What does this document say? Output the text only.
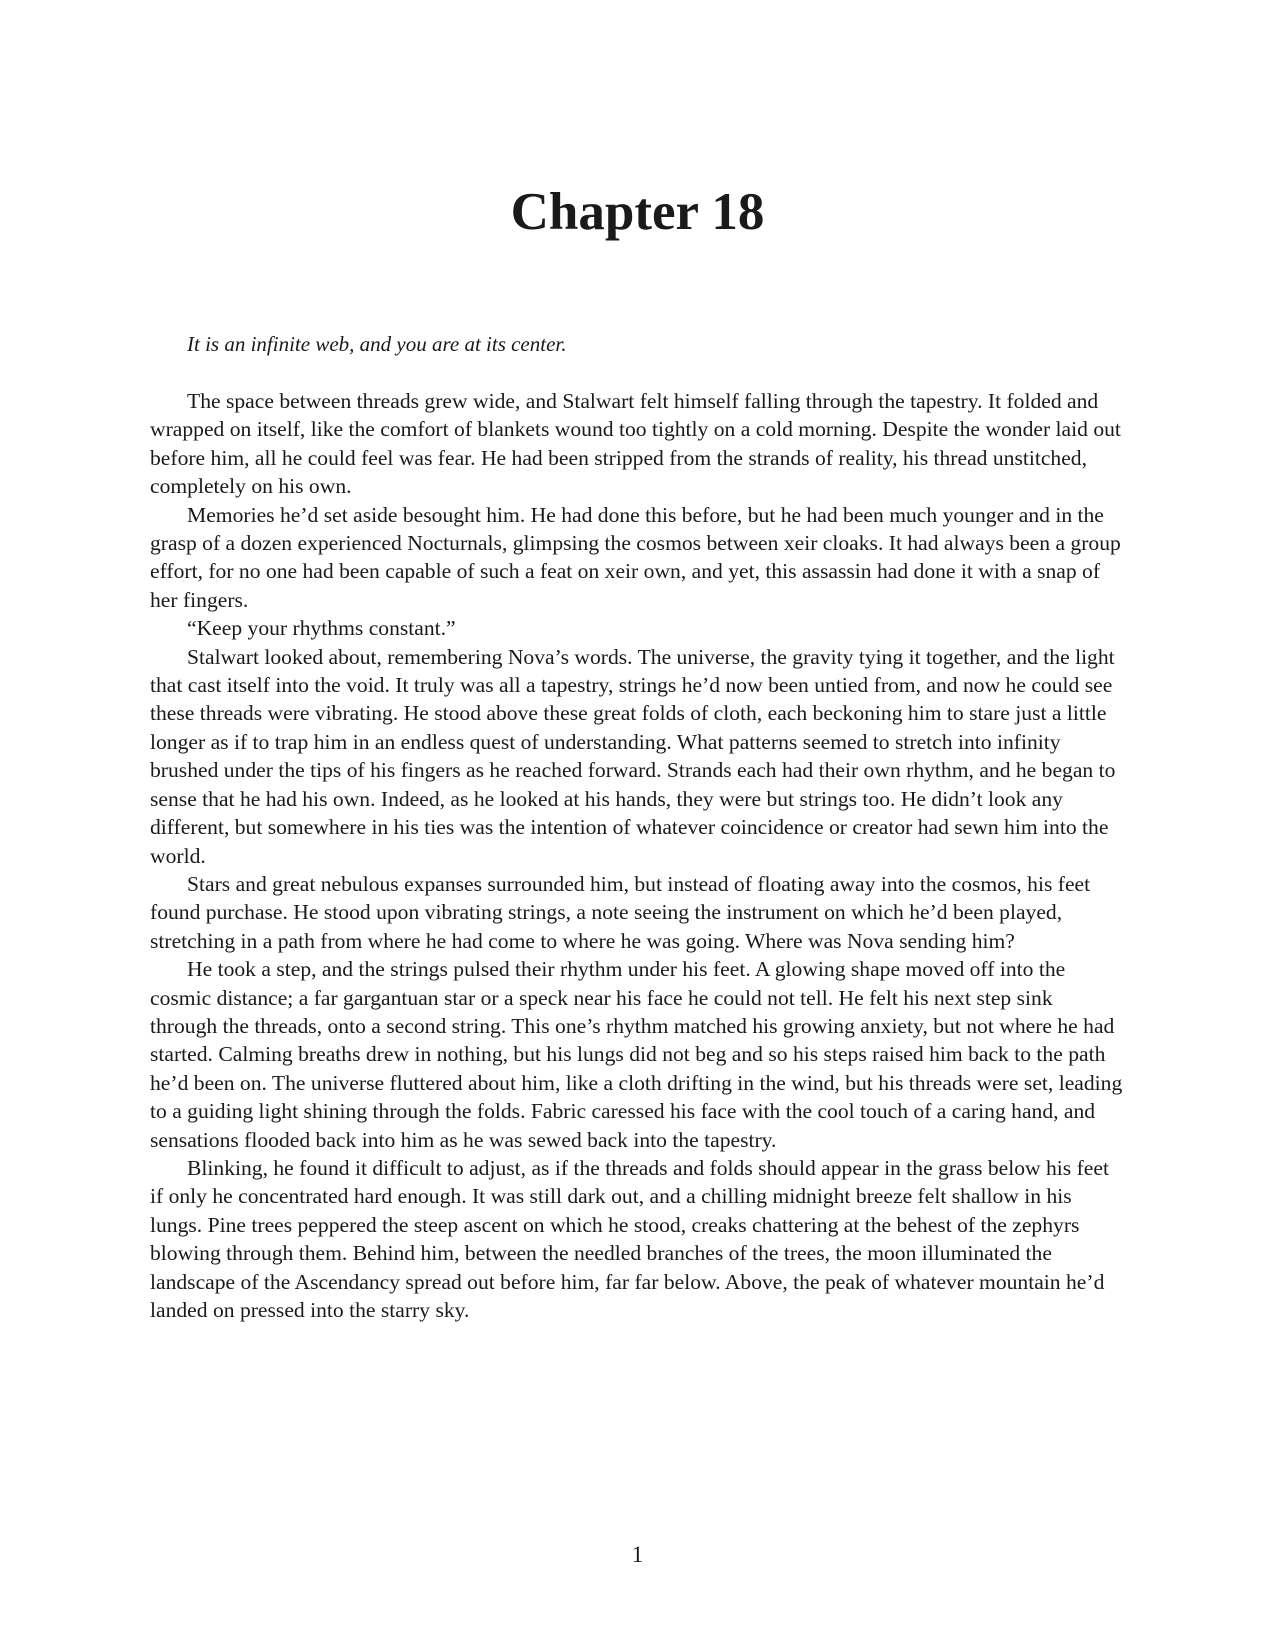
Chapter 18

It is an infinite web, and you are at its center.

The space between threads grew wide, and Stalwart felt himself falling through the tapestry. It folded and wrapped on itself, like the comfort of blankets wound too tightly on a cold morning. Despite the wonder laid out before him, all he could feel was fear. He had been stripped from the strands of reality, his thread unstitched, completely on his own.

Memories he’d set aside besought him. He had done this before, but he had been much younger and in the grasp of a dozen experienced Nocturnals, glimpsing the cosmos between xeir cloaks. It had always been a group effort, for no one had been capable of such a feat on xeir own, and yet, this assassin had done it with a snap of her fingers.

“Keep your rhythms constant.”

Stalwart looked about, remembering Nova’s words. The universe, the gravity tying it together, and the light that cast itself into the void. It truly was all a tapestry, strings he’d now been untied from, and now he could see these threads were vibrating. He stood above these great folds of cloth, each beckoning him to stare just a little longer as if to trap him in an endless quest of understanding. What patterns seemed to stretch into infinity brushed under the tips of his fingers as he reached forward. Strands each had their own rhythm, and he began to sense that he had his own. Indeed, as he looked at his hands, they were but strings too. He didn’t look any different, but somewhere in his ties was the intention of whatever coincidence or creator had sewn him into the world.

Stars and great nebulous expanses surrounded him, but instead of floating away into the cosmos, his feet found purchase. He stood upon vibrating strings, a note seeing the instrument on which he’d been played, stretching in a path from where he had come to where he was going. Where was Nova sending him?

He took a step, and the strings pulsed their rhythm under his feet. A glowing shape moved off into the cosmic distance; a far gargantuan star or a speck near his face he could not tell. He felt his next step sink through the threads, onto a second string. This one’s rhythm matched his growing anxiety, but not where he had started. Calming breaths drew in nothing, but his lungs did not beg and so his steps raised him back to the path he’d been on. The universe fluttered about him, like a cloth drifting in the wind, but his threads were set, leading to a guiding light shining through the folds. Fabric caressed his face with the cool touch of a caring hand, and sensations flooded back into him as he was sewed back into the tapestry.

Blinking, he found it difficult to adjust, as if the threads and folds should appear in the grass below his feet if only he concentrated hard enough. It was still dark out, and a chilling midnight breeze felt shallow in his lungs. Pine trees peppered the steep ascent on which he stood, creaks chattering at the behest of the zephyrs blowing through them. Behind him, between the needled branches of the trees, the moon illuminated the landscape of the Ascendancy spread out before him, far far below. Above, the peak of whatever mountain he’d landed on pressed into the starry sky.

1
